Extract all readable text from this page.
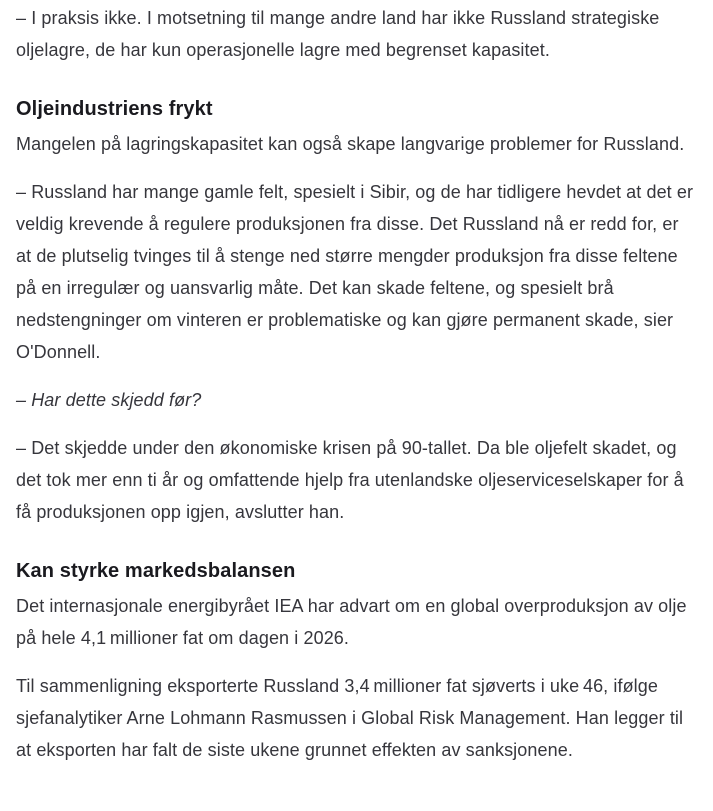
– I praksis ikke. I motsetning til mange andre land har ikke Russland strategiske oljelagre, de har kun operasjonelle lagre med begrenset kapasitet.

Oljeindustriens frykt

Mangelen på lagringskapasitet kan også skape langvarige problemer for Russland.

– Russland har mange gamle felt, spesielt i Sibir, og de har tidligere hevdet at det er veldig krevende å regulere produksjonen fra disse. Det Russland nå er redd for, er at de plutselig tvinges til å stenge ned større mengder produksjon fra disse feltene på en irregulær og uansvarlig måte. Det kan skade feltene, og spesielt brå nedstengninger om vinteren er problematiske og kan gjøre permanent skade, sier O'Donnell.

– Har dette skjedd før?

– Det skjedde under den økonomiske krisen på 90-tallet. Da ble oljefelt skadet, og det tok mer enn ti år og omfattende hjelp fra utenlandske oljeserviceselskaper for å få produksjonen opp igjen, avslutter han.

Kan styrke markedsbalansen

Det internasjonale energibyrået IEA har advart om en global overproduksjon av olje på hele 4,1 millioner fat om dagen i 2026.

Til sammenligning eksporterte Russland 3,4 millioner fat sjøverts i uke 46, ifølge sjefanalytiker Arne Lohmann Rasmussen i Global Risk Management. Han legger til at eksporten har falt de siste ukene grunnet effekten av sanksjonene.
